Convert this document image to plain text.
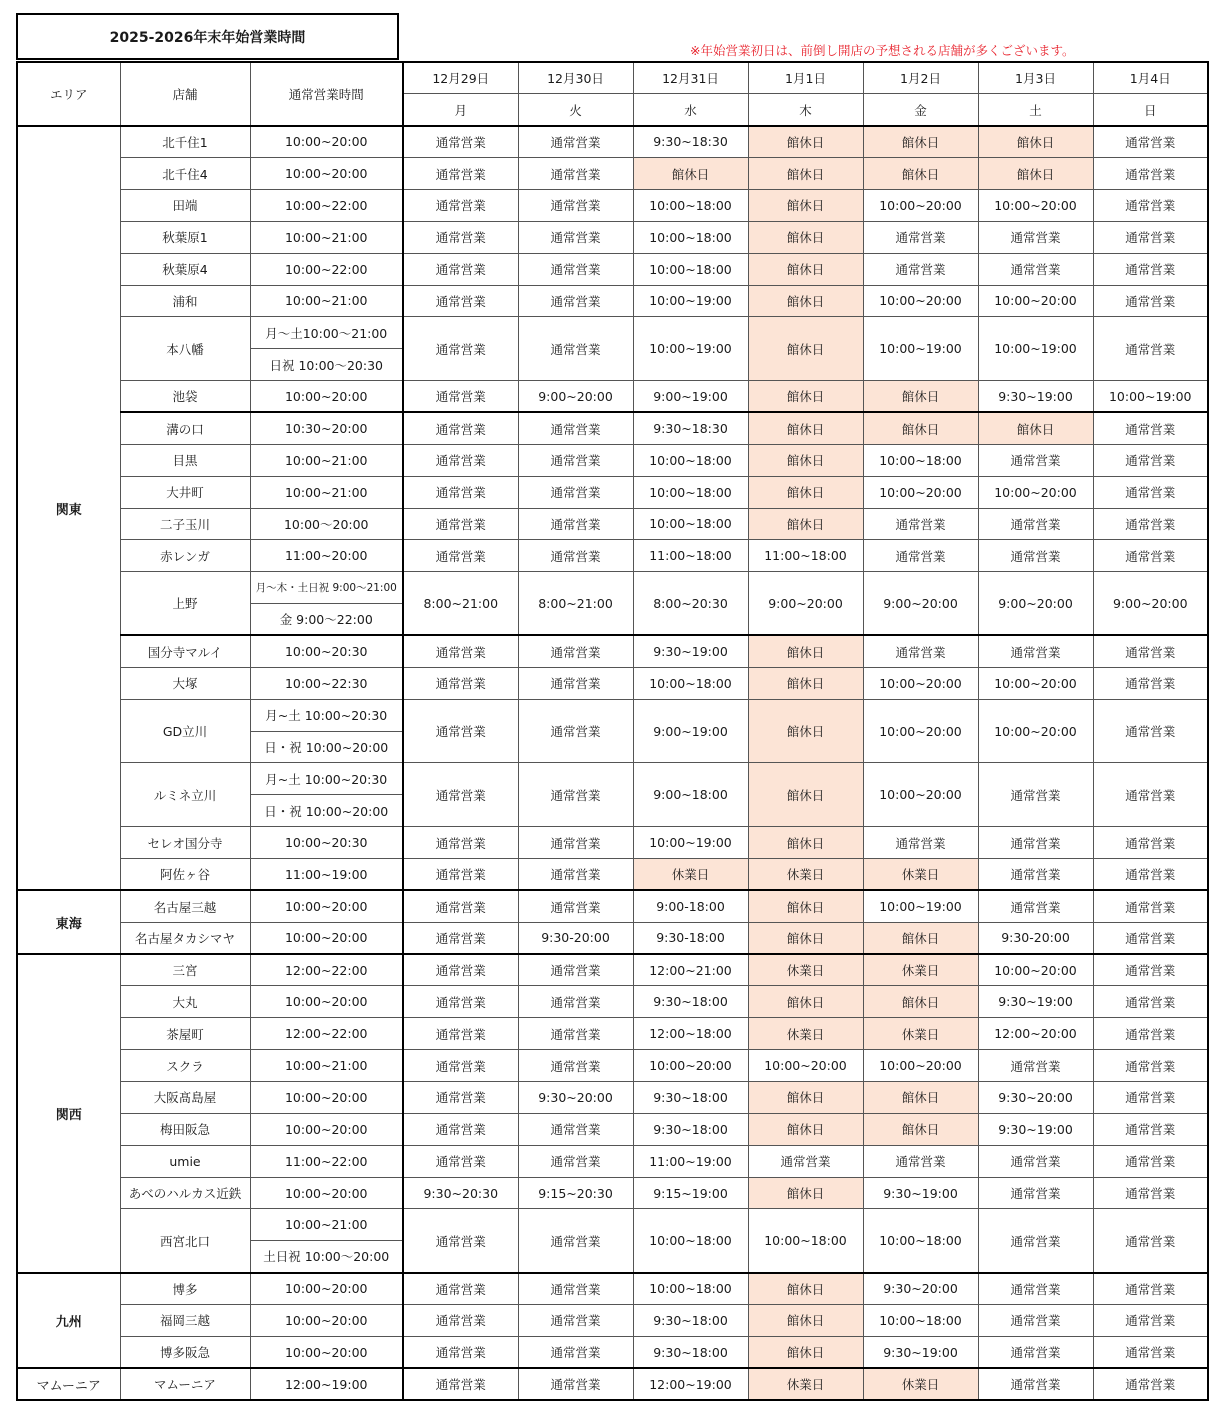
2025-2026年末年始営業時間
※年始営業初日は、前倒し開店の予想される店舗が多くございます。
エリア	店舗	通常営業時間	12月29日	12月30日	12月31日	1月1日	1月2日	1月3日	1月4日
			月	火	水	木	金	土	日
関東	北千住1	10:00~20:00	通常営業	通常営業	9:30~18:30	館休日	館休日	館休日	通常営業
	北千住4	10:00~20:00	通常営業	通常営業	館休日	館休日	館休日	館休日	通常営業
	田端	10:00~22:00	通常営業	通常営業	10:00~18:00	館休日	10:00~20:00	10:00~20:00	通常営業
	秋葉原1	10:00~21:00	通常営業	通常営業	10:00~18:00	館休日	通常営業	通常営業	通常営業
	秋葉原4	10:00~22:00	通常営業	通常営業	10:00~18:00	館休日	通常営業	通常営業	通常営業
	浦和	10:00~21:00	通常営業	通常営業	10:00~19:00	館休日	10:00~20:00	10:00~20:00	通常営業
	本八幡	月～土10:00～21:00	通常営業	通常営業	10:00~19:00	館休日	10:00~19:00	10:00~19:00	通常営業
		日祝 10:00～20:30							
	池袋	10:00~20:00	通常営業	9:00~20:00	9:00~19:00	館休日	館休日	9:30~19:00	10:00~19:00
	溝の口	10:30~20:00	通常営業	通常営業	9:30~18:30	館休日	館休日	館休日	通常営業
	目黒	10:00~21:00	通常営業	通常営業	10:00~18:00	館休日	10:00~18:00	通常営業	通常営業
	大井町	10:00~21:00	通常営業	通常営業	10:00~18:00	館休日	10:00~20:00	10:00~20:00	通常営業
	二子玉川	10:00～20:00	通常営業	通常営業	10:00~18:00	館休日	通常営業	通常営業	通常営業
	赤レンガ	11:00~20:00	通常営業	通常営業	11:00~18:00	11:00~18:00	通常営業	通常営業	通常営業
	上野	月～木・土日祝 9:00～21:00	8:00~21:00	8:00~21:00	8:00~20:30	9:00~20:00	9:00~20:00	9:00~20:00	9:00~20:00
		金 9:00～22:00							
	国分寺マルイ	10:00~20:30	通常営業	通常営業	9:30~19:00	館休日	通常営業	通常営業	通常営業
	大塚	10:00~22:30	通常営業	通常営業	10:00~18:00	館休日	10:00~20:00	10:00~20:00	通常営業
	GD立川	月~土 10:00~20:30	通常営業	通常営業	9:00~19:00	館休日	10:00~20:00	10:00~20:00	通常営業
		日・祝 10:00~20:00							
	ルミネ立川	月~土 10:00~20:30	通常営業	通常営業	9:00~18:00	館休日	10:00~20:00	通常営業	通常営業
		日・祝 10:00~20:00							
	セレオ国分寺	10:00~20:30	通常営業	通常営業	10:00~19:00	館休日	通常営業	通常営業	通常営業
	阿佐ヶ谷	11:00~19:00	通常営業	通常営業	休業日	休業日	休業日	通常営業	通常営業
東海	名古屋三越	10:00~20:00	通常営業	通常営業	9:00-18:00	館休日	10:00~19:00	通常営業	通常営業
	名古屋タカシマヤ	10:00~20:00	通常営業	9:30-20:00	9:30-18:00	館休日	館休日	9:30-20:00	通常営業
関西	三宮	12:00~22:00	通常営業	通常営業	12:00~21:00	休業日	休業日	10:00~20:00	通常営業
	大丸	10:00~20:00	通常営業	通常営業	9:30~18:00	館休日	館休日	9:30~19:00	通常営業
	茶屋町	12:00~22:00	通常営業	通常営業	12:00~18:00	休業日	休業日	12:00~20:00	通常営業
	スクラ	10:00~21:00	通常営業	通常営業	10:00~20:00	10:00~20:00	10:00~20:00	通常営業	通常営業
	大阪髙島屋	10:00~20:00	通常営業	9:30~20:00	9:30~18:00	館休日	館休日	9:30~20:00	通常営業
	梅田阪急	10:00~20:00	通常営業	通常営業	9:30~18:00	館休日	館休日	9:30~19:00	通常営業
	umie	11:00~22:00	通常営業	通常営業	11:00~19:00	通常営業	通常営業	通常営業	通常営業
	あべのハルカス近鉄	10:00~20:00	9:30~20:30	9:15~20:30	9:15~19:00	館休日	9:30~19:00	通常営業	通常営業
	西宮北口	10:00~21:00	通常営業	通常営業	10:00~18:00	10:00~18:00	10:00~18:00	通常営業	通常営業
		土日祝 10:00～20:00							
九州	博多	10:00~20:00	通常営業	通常営業	10:00~18:00	館休日	9:30~20:00	通常営業	通常営業
	福岡三越	10:00~20:00	通常営業	通常営業	9:30~18:00	館休日	10:00~18:00	通常営業	通常営業
	博多阪急	10:00~20:00	通常営業	通常営業	9:30~18:00	館休日	9:30~19:00	通常営業	通常営業
マムーニア	マムーニア	12:00~19:00	通常営業	通常営業	12:00~19:00	休業日	休業日	通常営業	通常営業
